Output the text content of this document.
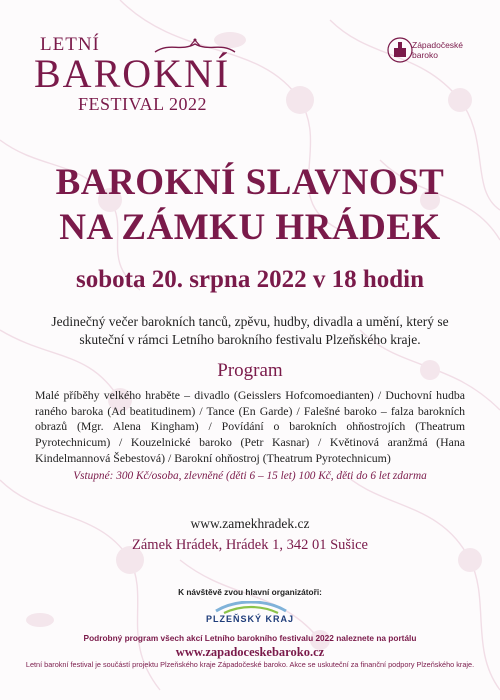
LETNÍ
BAROKNÍ
FESTIVAL 2022
Západočeské baroko
BAROKNÍ SLAVNOST
NA ZÁMKU HRÁDEK
sobota 20. srpna 2022 v 18 hodin
Jedinečný večer barokních tanců, zpěvu, hudby, divadla a umění, který se skuteční v rámci Letního barokního festivalu Plzeňského kraje.
Program
Malé příběhy velkého hraběte – divadlo (Geisslers Hofcomoedianten) / Duchovní hudba raného baroka (Ad beatitudinem) / Tance (En Garde) / Falešné baroko – falza barokních obrazů (Mgr. Alena Kingham) / Povídání o barokních ohňostrojích (Theatrum Pyrotechnicum) / Kouzelnické baroko (Petr Kasnar) / Květinová aranžmá (Hana Kindelmannová Šebestová) / Barokní ohňostroj (Theatrum Pyrotechnicum)
Vstupné: 300 Kč/osoba, zlevněné (děti 6 – 15 let) 100 Kč, děti do 6 let zdarma
www.zamekhradek.cz
Zámek Hrádek, Hrádek 1, 342 01 Sušice
K návštěvě zvou hlavní organizátoři:
PLZEŇSKÝ KRAJ
Podrobný program všech akcí Letního barokního festivalu 2022 naleznete na portálu
www.zapadoceskebaroko.cz
Letní barokní festival je součástí projektu Plzeňského kraje Západočeské baroko. Akce se uskuteční za finanční podpory Plzeňského kraje.
